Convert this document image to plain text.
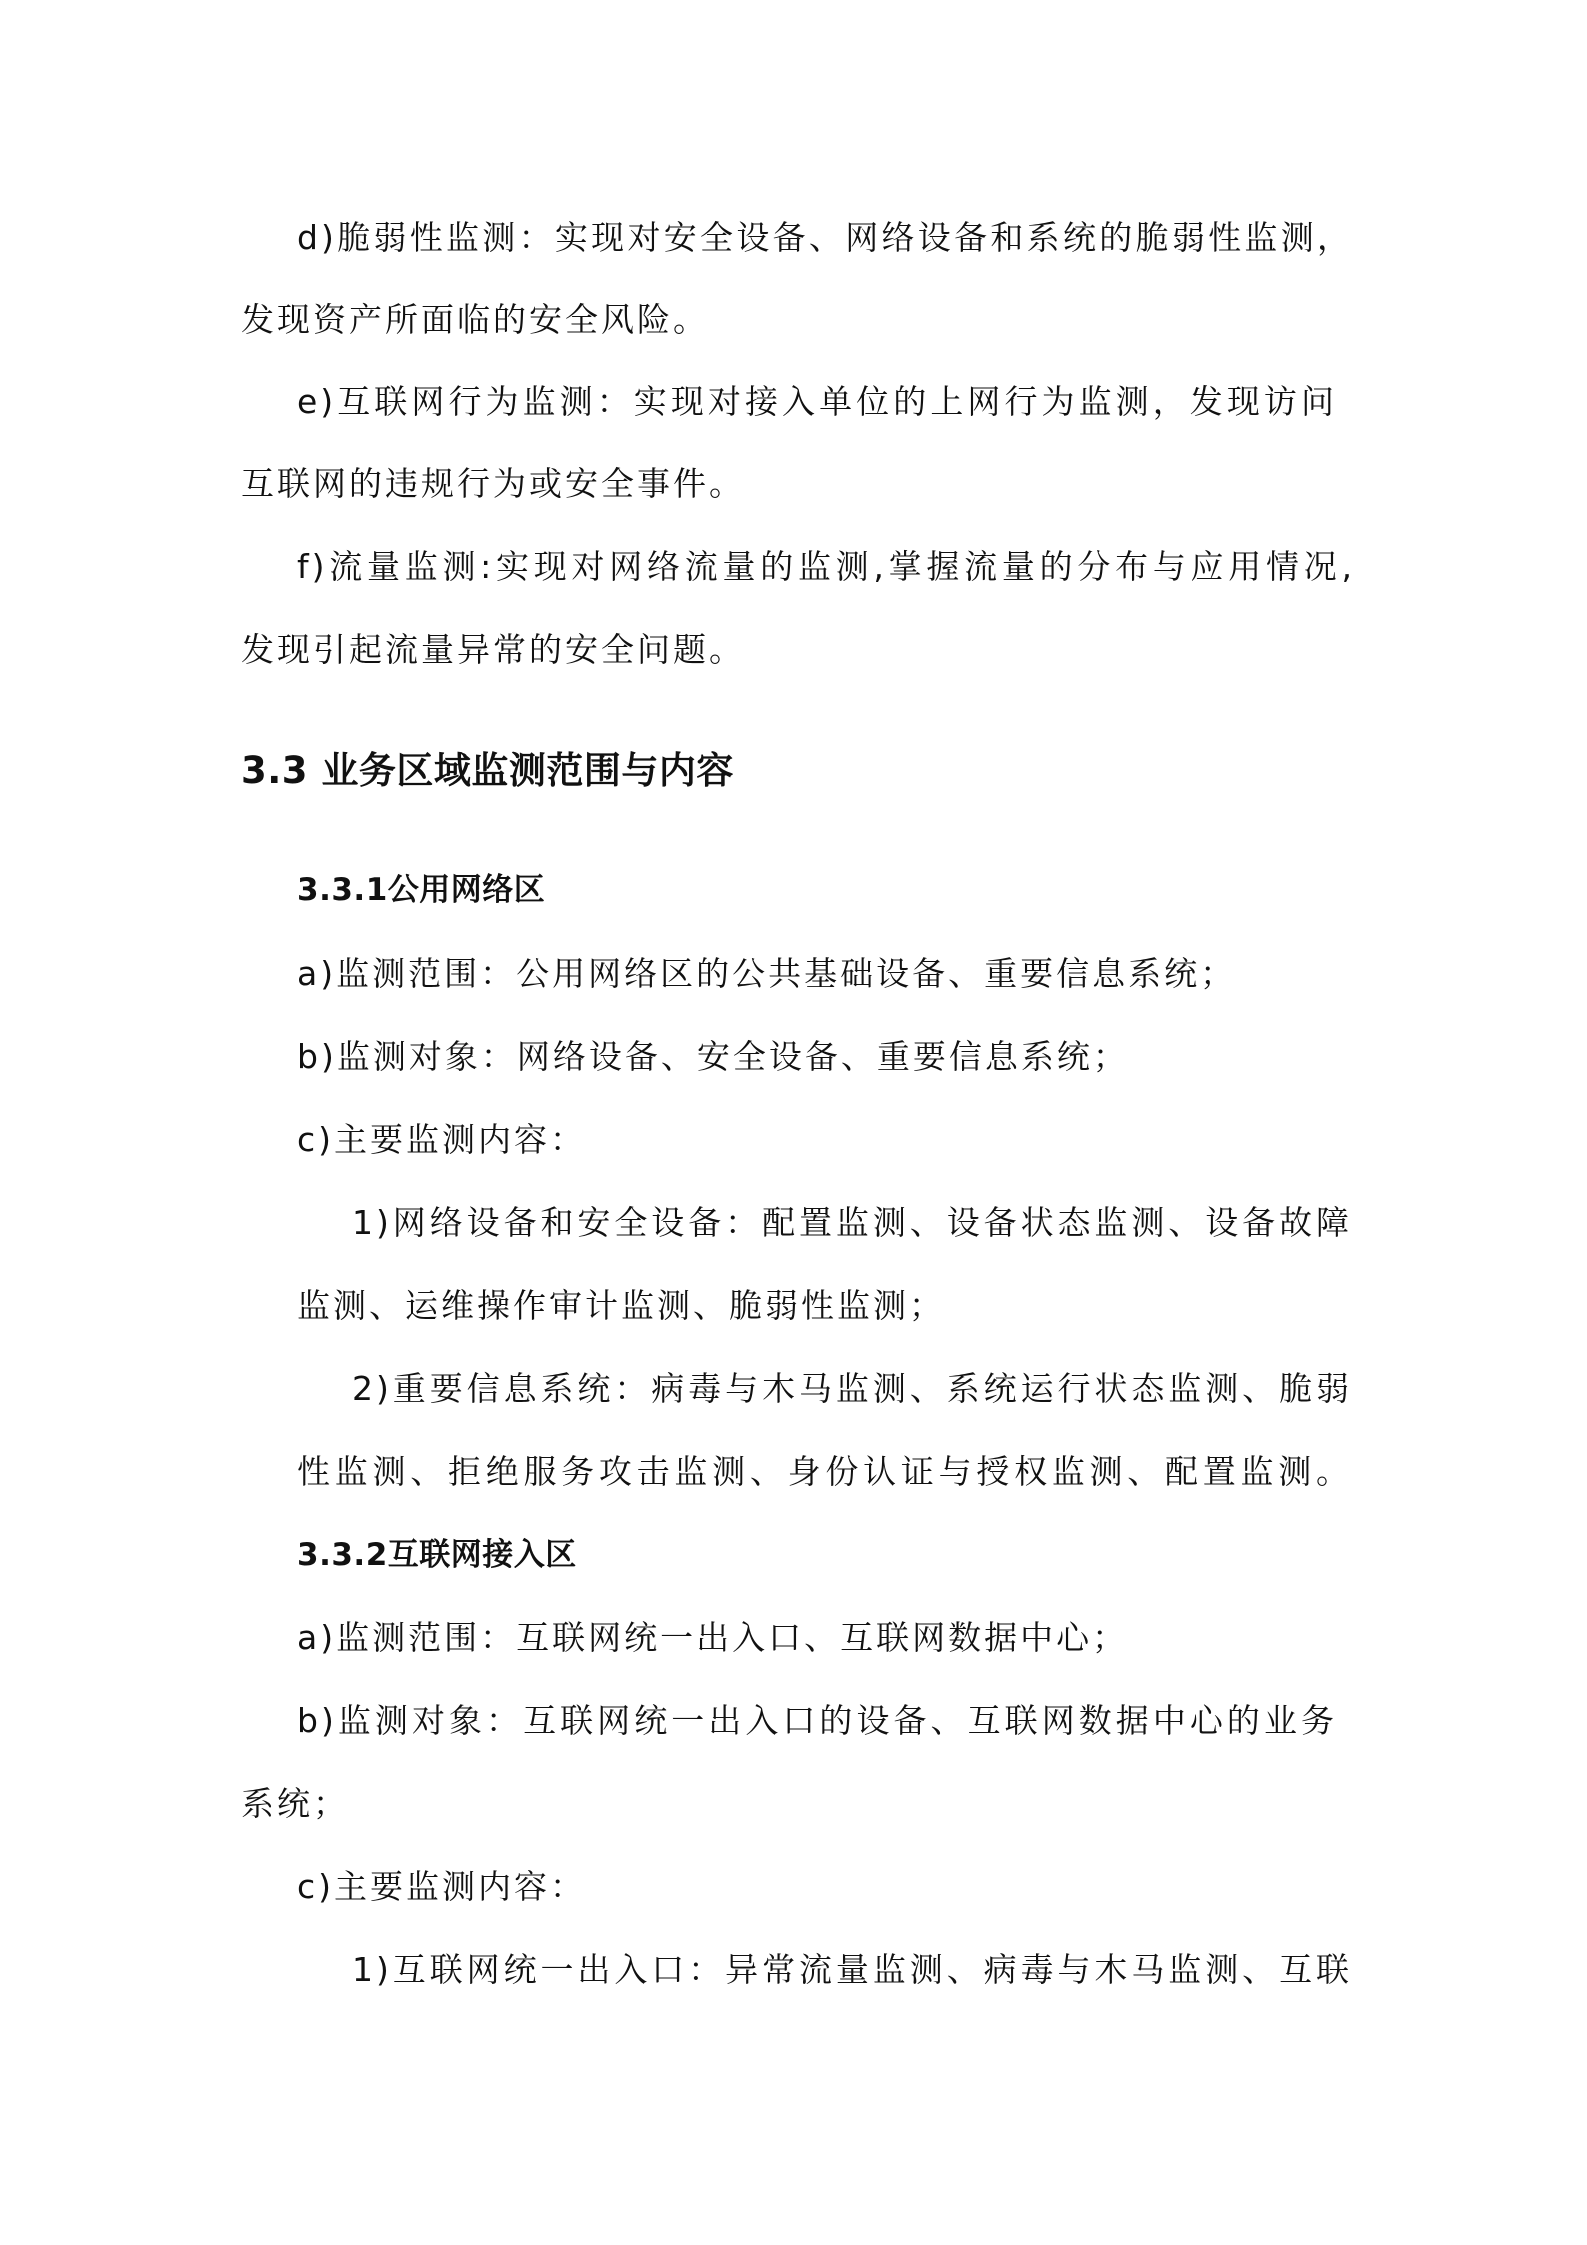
d)脆弱性监测：实现对安全设备、网络设备和系统的脆弱性监测，
发现资产所面临的安全风险。
e)互联网行为监测：实现对接入单位的上网行为监测，发现访问
互联网的违规行为或安全事件。
f)流量监测:实现对网络流量的监测,掌握流量的分布与应用情况,
发现引起流量异常的安全问题。
3.3 业务区域监测范围与内容
3.3.1公用网络区
a)监测范围：公用网络区的公共基础设备、重要信息系统；
b)监测对象：网络设备、安全设备、重要信息系统；
c)主要监测内容：
1)网络设备和安全设备：配置监测、设备状态监测、设备故障
监测、运维操作审计监测、脆弱性监测；
2)重要信息系统：病毒与木马监测、系统运行状态监测、脆弱
性监测、拒绝服务攻击监测、身份认证与授权监测、配置监测。
3.3.2互联网接入区
a)监测范围：互联网统一出入口、互联网数据中心；
b)监测对象：互联网统一出入口的设备、互联网数据中心的业务
系统；
c)主要监测内容：
1)互联网统一出入口：异常流量监测、病毒与木马监测、互联
